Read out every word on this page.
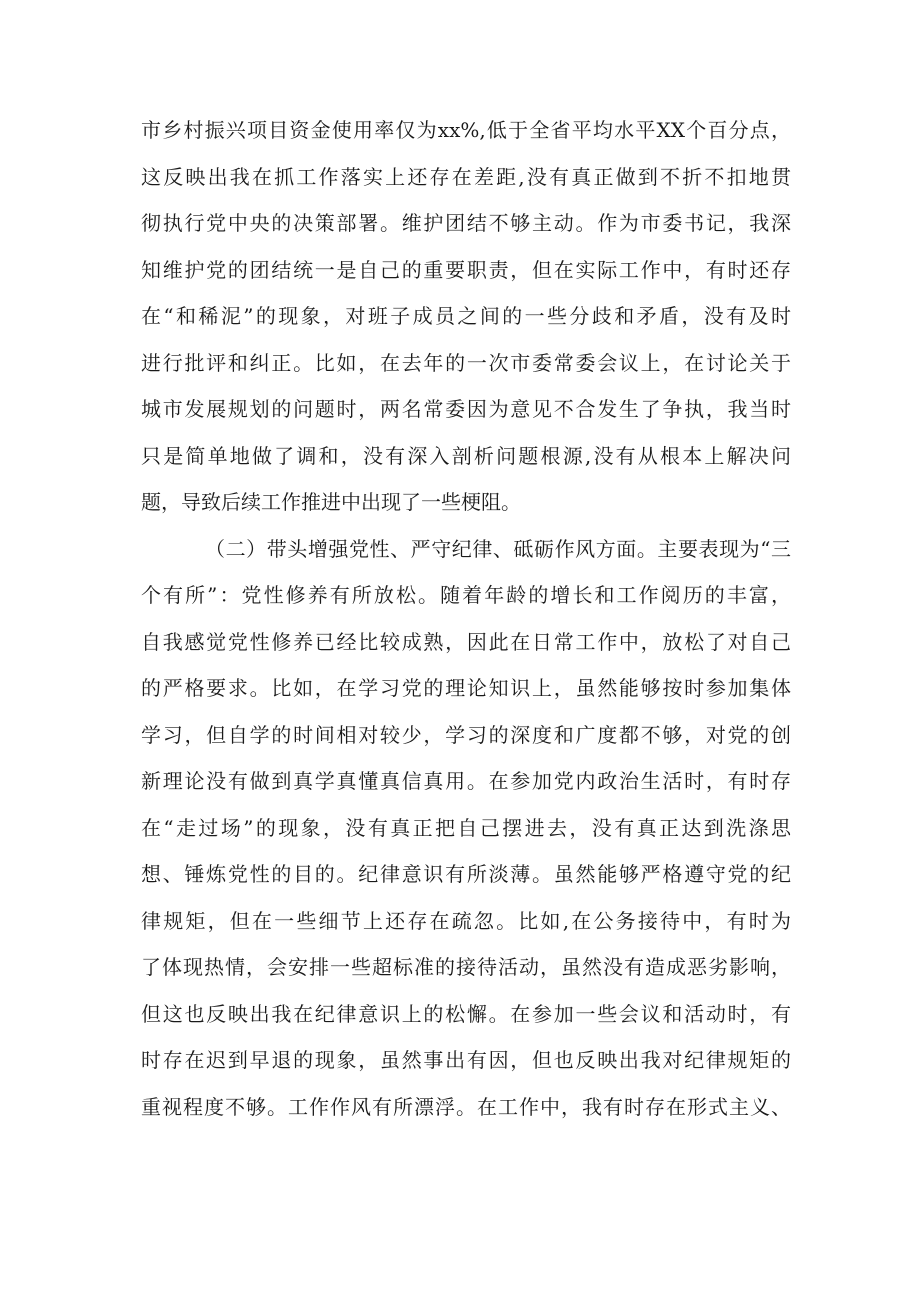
市乡村振兴项目资金使用率仅为xx%,低于全省平均水平XX个百分点，
这反映出我在抓工作落实上还存在差距,没有真正做到不折不扣地贯
彻执行党中央的决策部署。维护团结不够主动。作为市委书记，我深
知维护党的团结统一是自己的重要职责，但在实际工作中，有时还存
在“和稀泥”的现象，对班子成员之间的一些分歧和矛盾，没有及时
进行批评和纠正。比如，在去年的一次市委常委会议上，在讨论关于
城市发展规划的问题时，两名常委因为意见不合发生了争执，我当时
只是简单地做了调和，没有深入剖析问题根源,没有从根本上解决问
题，导致后续工作推进中出现了一些梗阻。
（二）带头增强党性、严守纪律、砥砺作风方面。主要表现为“三
个有所”：党性修养有所放松。随着年龄的增长和工作阅历的丰富，
自我感觉党性修养已经比较成熟，因此在日常工作中，放松了对自己
的严格要求。比如，在学习党的理论知识上，虽然能够按时参加集体
学习，但自学的时间相对较少，学习的深度和广度都不够，对党的创
新理论没有做到真学真懂真信真用。在参加党内政治生活时，有时存
在“走过场”的现象，没有真正把自己摆进去，没有真正达到洗涤思
想、锤炼党性的目的。纪律意识有所淡薄。虽然能够严格遵守党的纪
律规矩，但在一些细节上还存在疏忽。比如,在公务接待中，有时为
了体现热情，会安排一些超标准的接待活动，虽然没有造成恶劣影响，
但这也反映出我在纪律意识上的松懈。在参加一些会议和活动时，有
时存在迟到早退的现象，虽然事出有因，但也反映出我对纪律规矩的
重视程度不够。工作作风有所漂浮。在工作中，我有时存在形式主义、
